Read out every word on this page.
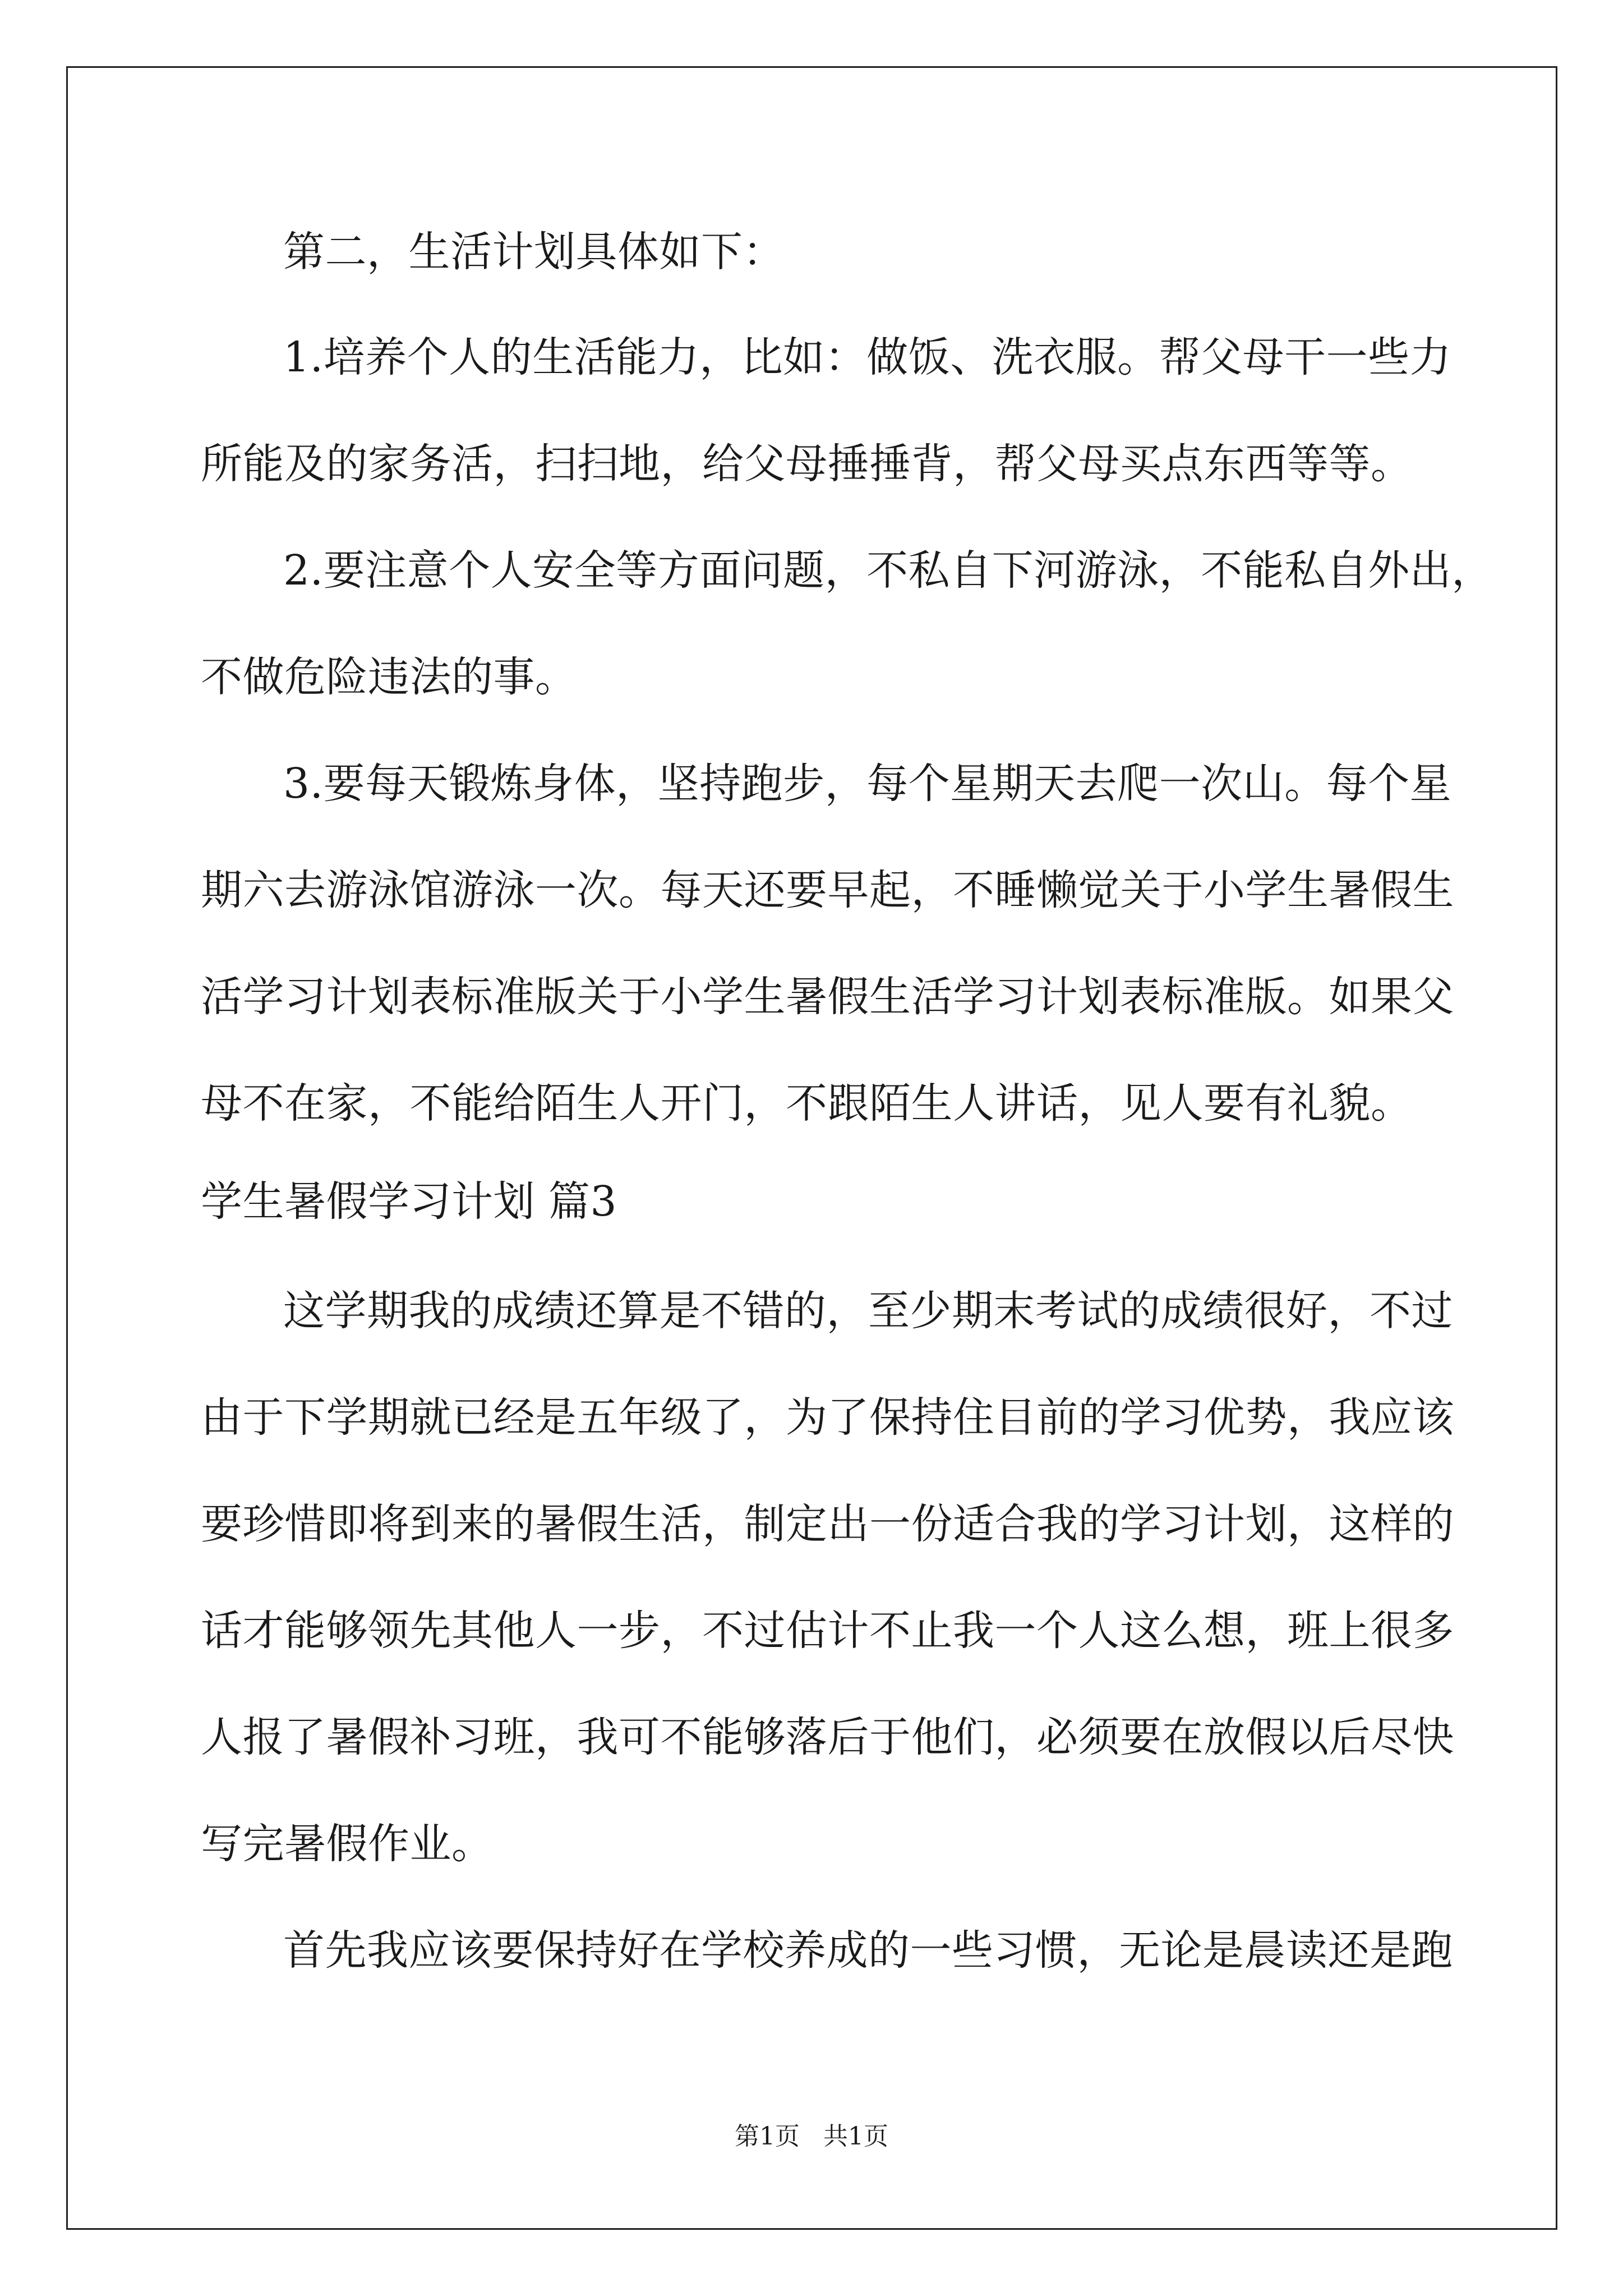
第二，生活计划具体如下：
1.培养个人的生活能力，比如：做饭、洗衣服。帮父母干一些力
所能及的家务活，扫扫地，给父母捶捶背，帮父母买点东西等等。
2.要注意个人安全等方面问题，不私自下河游泳，不能私自外出，
不做危险违法的事。
3.要每天锻炼身体，坚持跑步，每个星期天去爬一次山。每个星
期六去游泳馆游泳一次。每天还要早起，不睡懒觉关于小学生暑假生
活学习计划表标准版关于小学生暑假生活学习计划表标准版。如果父
母不在家，不能给陌生人开门，不跟陌生人讲话，见人要有礼貌。
学生暑假学习计划 篇3
这学期我的成绩还算是不错的，至少期末考试的成绩很好，不过
由于下学期就已经是五年级了，为了保持住目前的学习优势，我应该
要珍惜即将到来的暑假生活，制定出一份适合我的学习计划，这样的
话才能够领先其他人一步，不过估计不止我一个人这么想，班上很多
人报了暑假补习班，我可不能够落后于他们，必须要在放假以后尽快
写完暑假作业。
首先我应该要保持好在学校养成的一些习惯，无论是晨读还是跑
第1页   共1页
